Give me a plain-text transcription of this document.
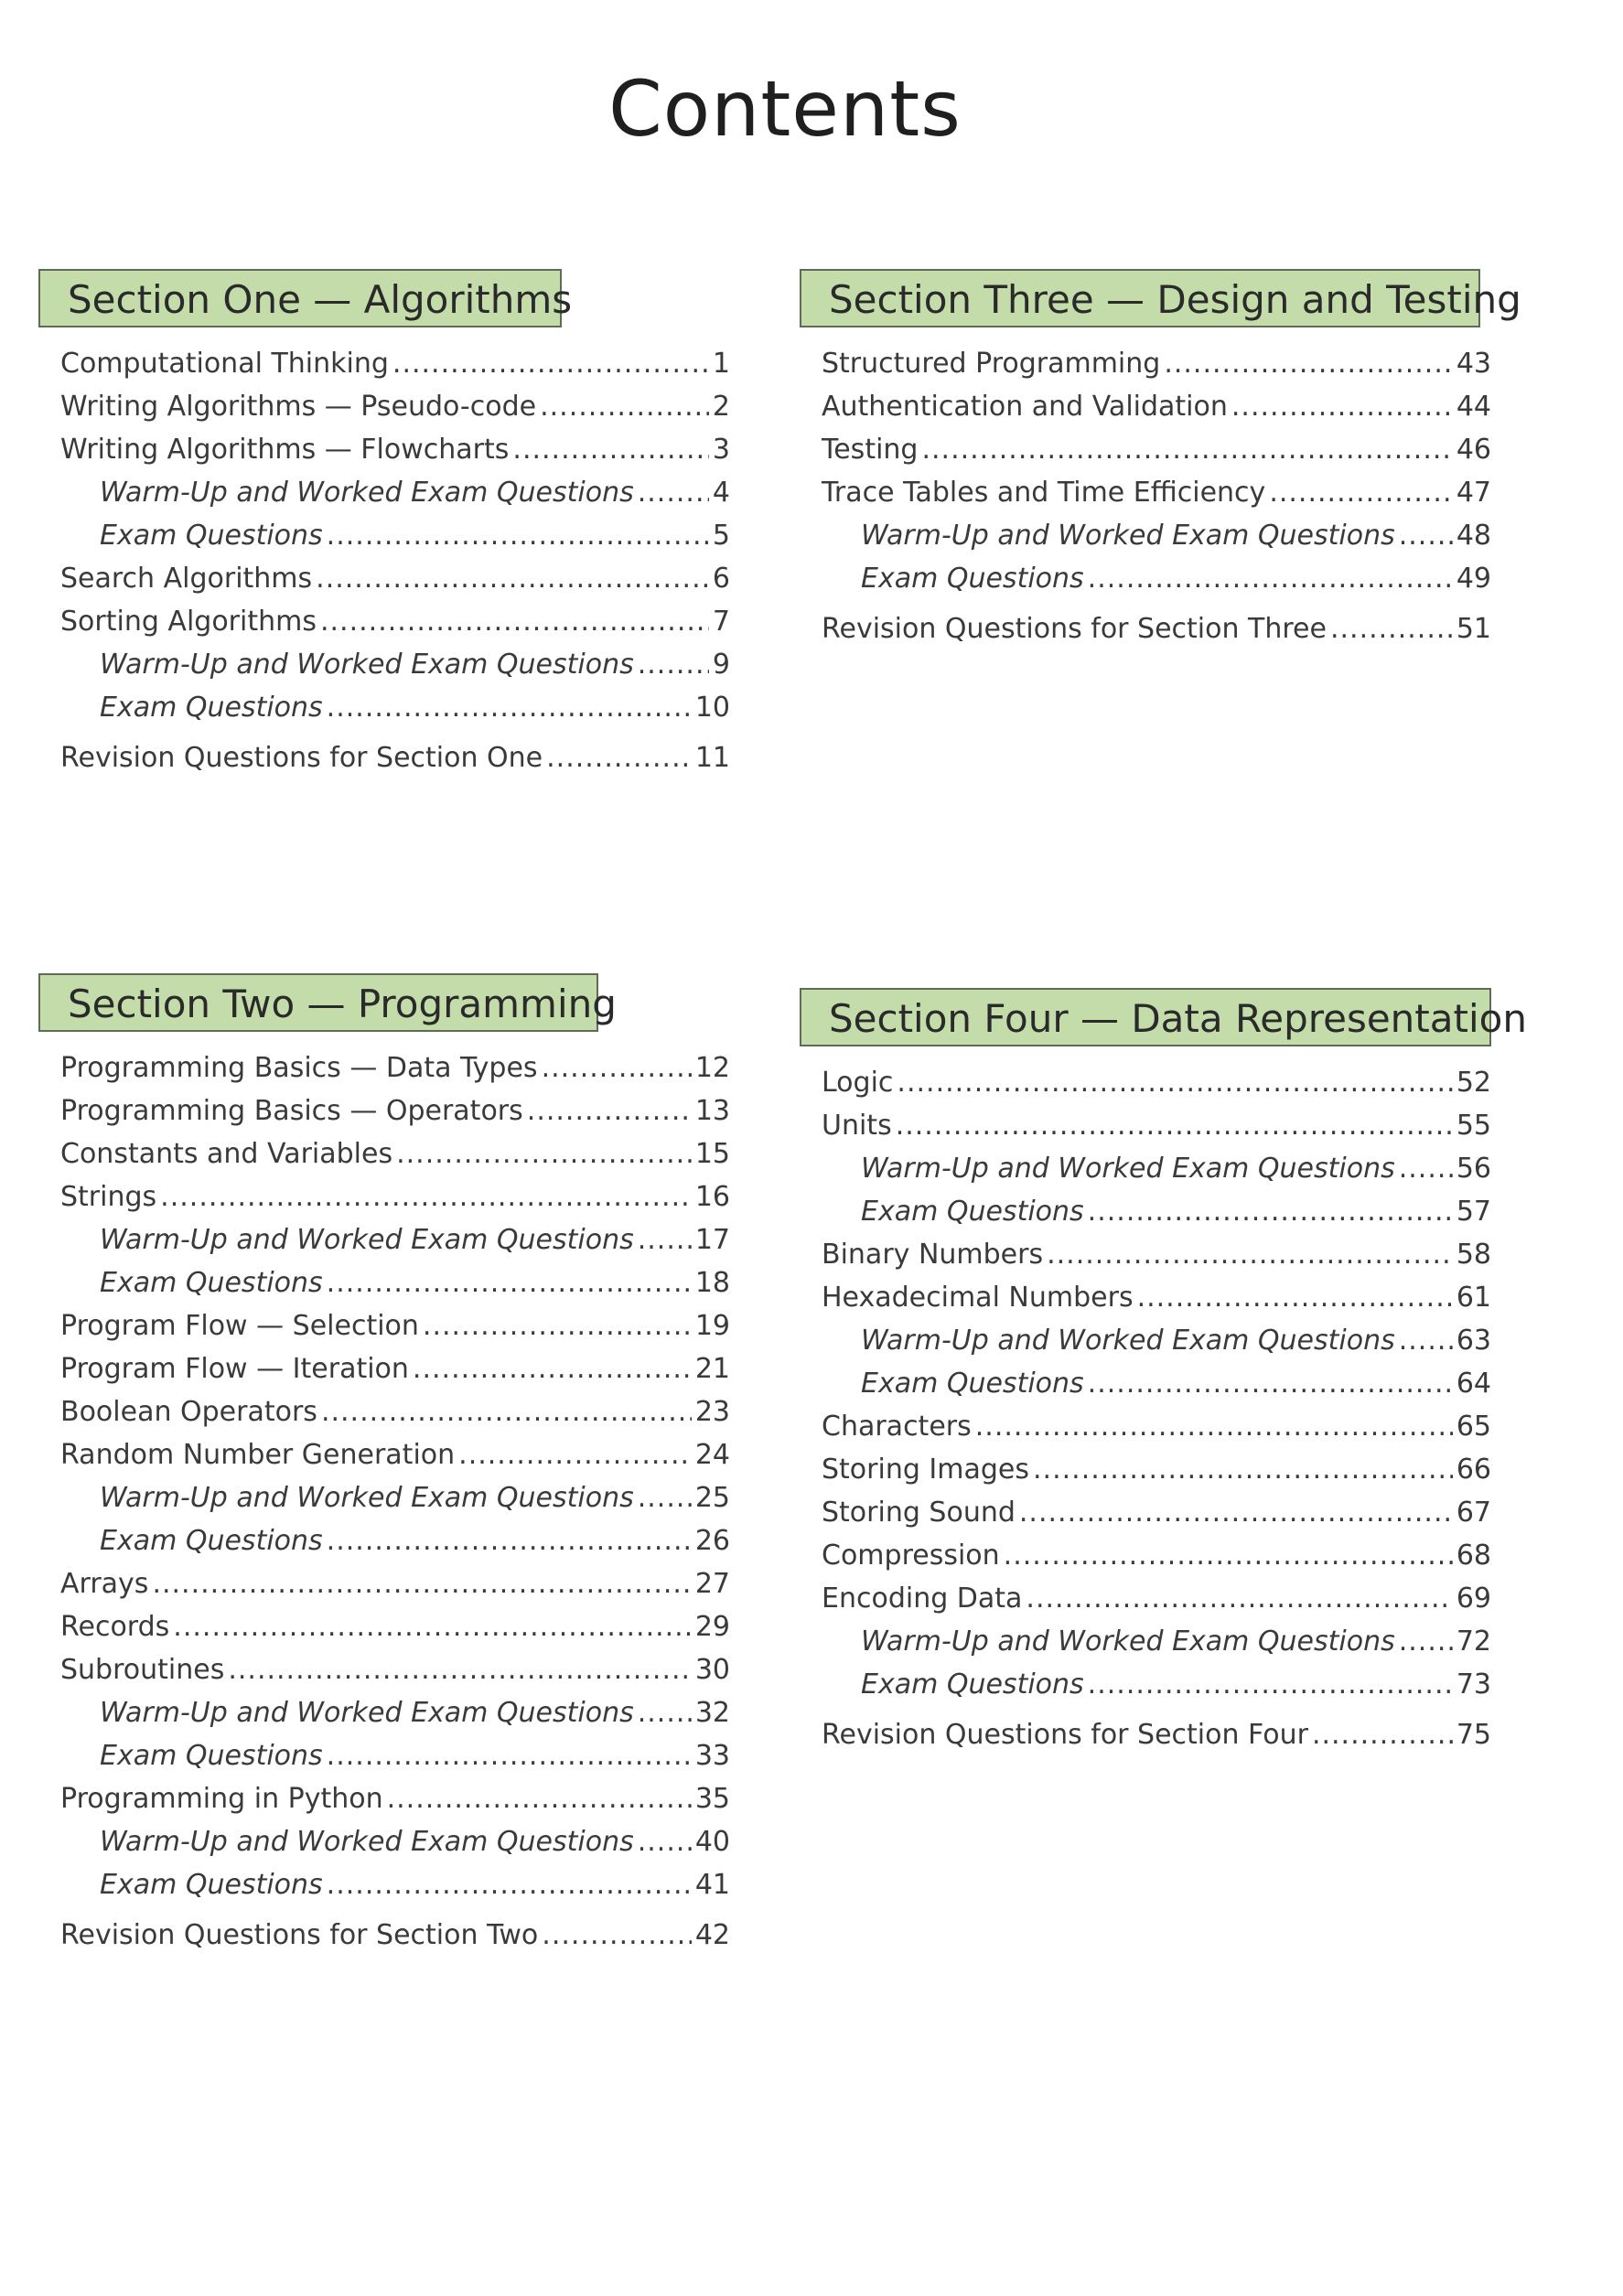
Contents
Section One — Algorithms
Computational Thinking .....	1
Writing Algorithms — Pseudo-code .....	2
Writing Algorithms — Flowcharts .....	3
Warm-Up and Worked Exam Questions .....	4
Exam Questions .....	5
Search Algorithms .....	6
Sorting Algorithms .....	7
Warm-Up and Worked Exam Questions .....	9
Exam Questions .....	10
Revision Questions for Section One .....	11
Section Three — Design and Testing
Structured Programming .....	43
Authentication and Validation .....	44
Testing .....	46
Trace Tables and Time Efficiency .....	47
Warm-Up and Worked Exam Questions ..... 48
Exam Questions .....	49
Revision Questions for Section Three .....	51
Section Two — Programming
Programming Basics — Data Types .....	12
Programming Basics — Operators .....	13
Constants and Variables .....	15
Strings .....	16
Warm-Up and Worked Exam Questions ..... 17
Exam Questions .....	18
Program Flow — Selection .....	19
Program Flow — Iteration .....	21
Boolean Operators .....	23
Random Number Generation .....	24
Warm-Up and Worked Exam Questions ..... 25
Exam Questions .....	26
Arrays .....	27
Records .....	29
Subroutines .....	30
Warm-Up and Worked Exam Questions ..... 32
Exam Questions .....	33
Programming in Python .....	35
Warm-Up and Worked Exam Questions ..... 40
Exam Questions .....	41
Revision Questions for Section Two .....	42
Section Four — Data Representation
Logic .....	52
Units .....	55
Warm-Up and Worked Exam Questions ..... 56
Exam Questions .....	57
Binary Numbers .....	58
Hexadecimal Numbers .....	61
Warm-Up and Worked Exam Questions ..... 63
Exam Questions .....	64
Characters .....	65
Storing Images .....	66
Storing Sound .....	67
Compression .....	68
Encoding Data .....	69
Warm-Up and Worked Exam Questions ..... 72
Exam Questions .....	73
Revision Questions for Section Four .....	75
